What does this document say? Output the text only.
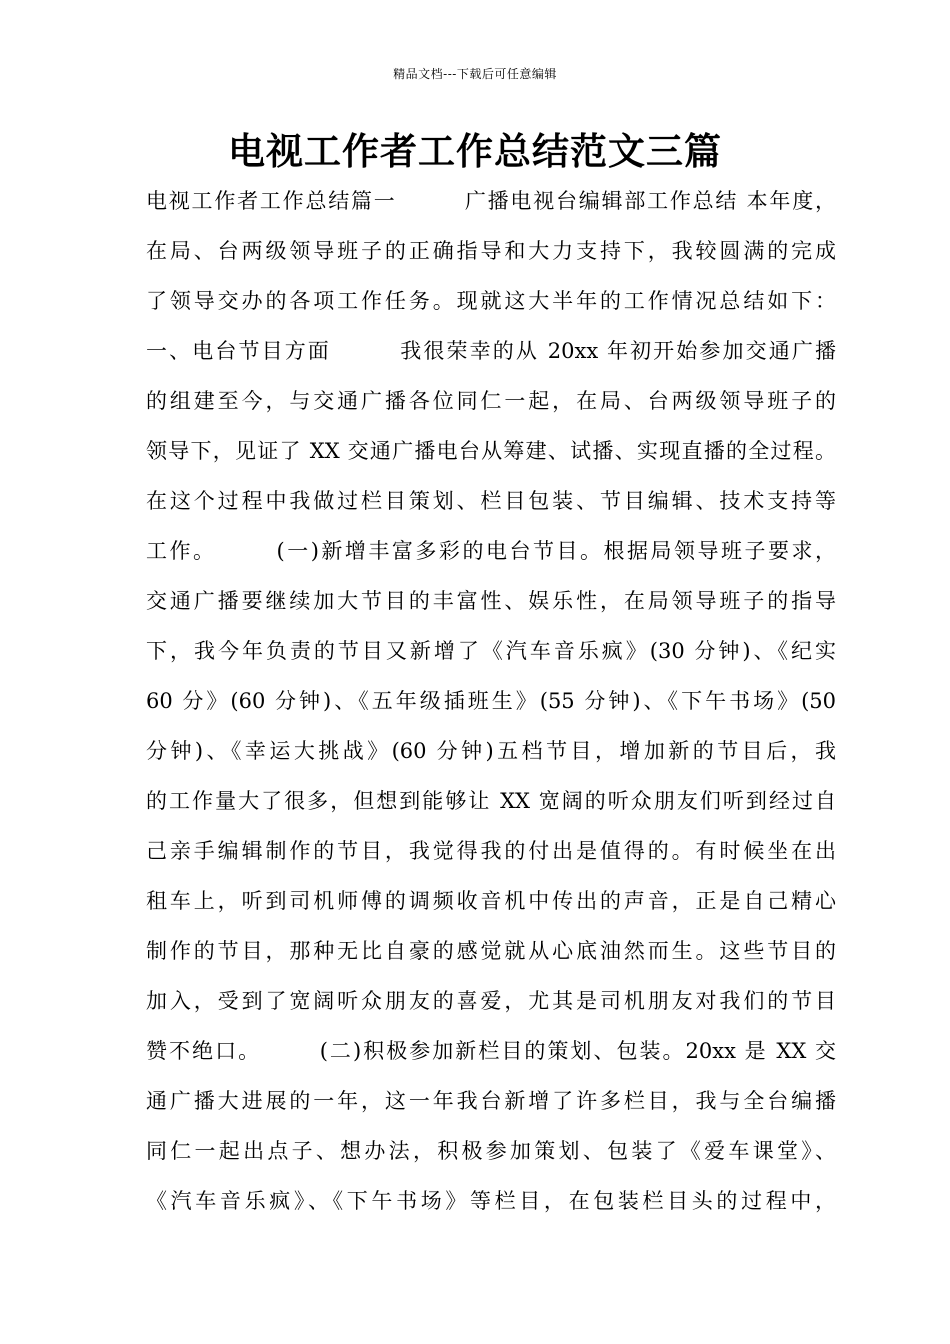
精品文档---下载后可任意编辑
电视工作者工作总结范文三篇
电视工作者工作总结篇一　　　广播电视台编辑部工作总结 本年度，
在局、台两级领导班子的正确指导和大力支持下，我较圆满的完成
了领导交办的各项工作任务。现就这大半年的工作情况总结如下：
一、电台节目方面　　　我很荣幸的从 20xx 年初开始参加交通广播
的组建至今，与交通广播各位同仁一起，在局、台两级领导班子的
领导下，见证了 XX 交通广播电台从筹建、试播、实现直播的全过程。
在这个过程中我做过栏目策划、栏目包装、节目编辑、技术支持等
工作。　　　(一)新增丰富多彩的电台节目。根据局领导班子要求，
交通广播要继续加大节目的丰富性、娱乐性，在局领导班子的指导
下，我今年负责的节目又新增了《汽车音乐疯》(30 分钟)、《纪实
60 分》(60 分钟)、《五年级插班生》(55 分钟)、《下午书场》(50
分钟)、《幸运大挑战》(60 分钟)五档节目，增加新的节目后，我
的工作量大了很多，但想到能够让 XX 宽阔的听众朋友们听到经过自
己亲手编辑制作的节目，我觉得我的付出是值得的。有时候坐在出
租车上，听到司机师傅的调频收音机中传出的声音，正是自己精心
制作的节目，那种无比自豪的感觉就从心底油然而生。这些节目的
加入，受到了宽阔听众朋友的喜爱，尤其是司机朋友对我们的节目
赞不绝口。　　　(二)积极参加新栏目的策划、包装。20xx 是 XX 交
通广播大进展的一年，这一年我台新增了许多栏目，我与全台编播
同仁一起出点子、想办法，积极参加策划、包装了《爱车课堂》、
《汽车音乐疯》、《下午书场》等栏目，在包装栏目头的过程中，
